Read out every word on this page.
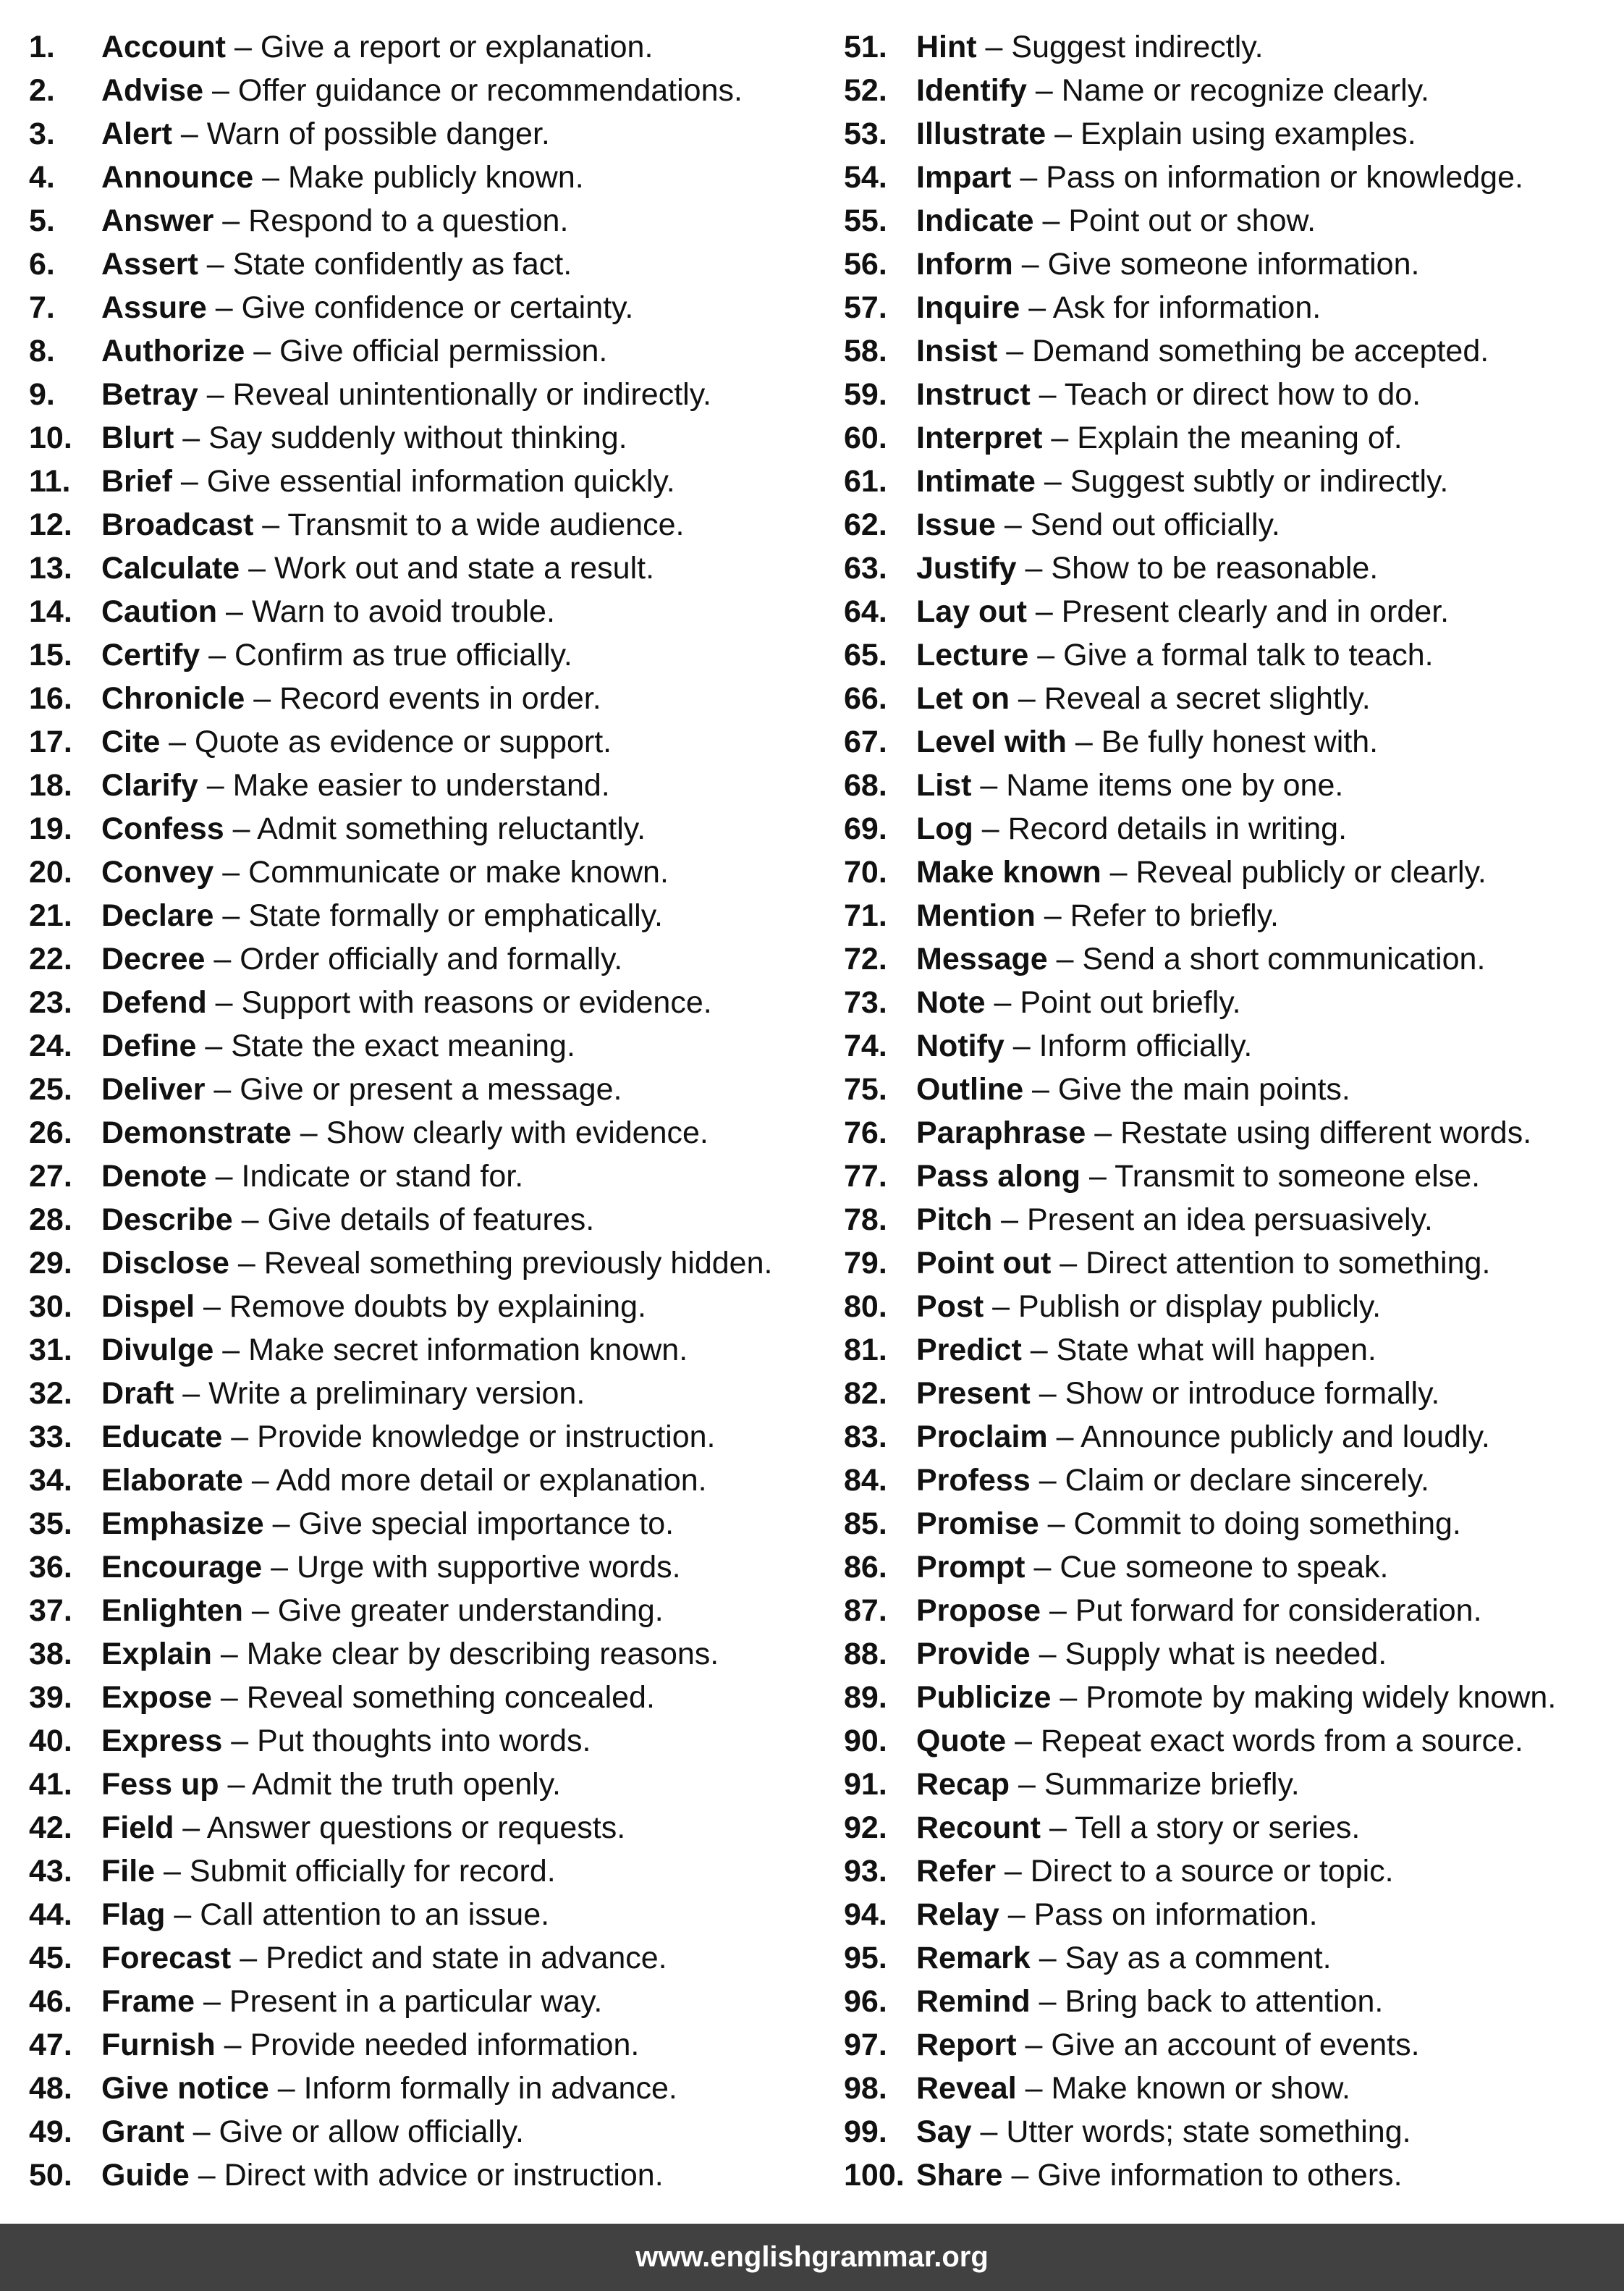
1. Account – Give a report or explanation.
2. Advise – Offer guidance or recommendations.
3. Alert – Warn of possible danger.
4. Announce – Make publicly known.
5. Answer – Respond to a question.
6. Assert – State confidently as fact.
7. Assure – Give confidence or certainty.
8. Authorize – Give official permission.
9. Betray – Reveal unintentionally or indirectly.
10. Blurt – Say suddenly without thinking.
11. Brief – Give essential information quickly.
12. Broadcast – Transmit to a wide audience.
13. Calculate – Work out and state a result.
14. Caution – Warn to avoid trouble.
15. Certify – Confirm as true officially.
16. Chronicle – Record events in order.
17. Cite – Quote as evidence or support.
18. Clarify – Make easier to understand.
19. Confess – Admit something reluctantly.
20. Convey – Communicate or make known.
21. Declare – State formally or emphatically.
22. Decree – Order officially and formally.
23. Defend – Support with reasons or evidence.
24. Define – State the exact meaning.
25. Deliver – Give or present a message.
26. Demonstrate – Show clearly with evidence.
27. Denote – Indicate or stand for.
28. Describe – Give details of features.
29. Disclose – Reveal something previously hidden.
30. Dispel – Remove doubts by explaining.
31. Divulge – Make secret information known.
32. Draft – Write a preliminary version.
33. Educate – Provide knowledge or instruction.
34. Elaborate – Add more detail or explanation.
35. Emphasize – Give special importance to.
36. Encourage – Urge with supportive words.
37. Enlighten – Give greater understanding.
38. Explain – Make clear by describing reasons.
39. Expose – Reveal something concealed.
40. Express – Put thoughts into words.
41. Fess up – Admit the truth openly.
42. Field – Answer questions or requests.
43. File – Submit officially for record.
44. Flag – Call attention to an issue.
45. Forecast – Predict and state in advance.
46. Frame – Present in a particular way.
47. Furnish – Provide needed information.
48. Give notice – Inform formally in advance.
49. Grant – Give or allow officially.
50. Guide – Direct with advice or instruction.
51. Hint – Suggest indirectly.
52. Identify – Name or recognize clearly.
53. Illustrate – Explain using examples.
54. Impart – Pass on information or knowledge.
55. Indicate – Point out or show.
56. Inform – Give someone information.
57. Inquire – Ask for information.
58. Insist – Demand something be accepted.
59. Instruct – Teach or direct how to do.
60. Interpret – Explain the meaning of.
61. Intimate – Suggest subtly or indirectly.
62. Issue – Send out officially.
63. Justify – Show to be reasonable.
64. Lay out – Present clearly and in order.
65. Lecture – Give a formal talk to teach.
66. Let on – Reveal a secret slightly.
67. Level with – Be fully honest with.
68. List – Name items one by one.
69. Log – Record details in writing.
70. Make known – Reveal publicly or clearly.
71. Mention – Refer to briefly.
72. Message – Send a short communication.
73. Note – Point out briefly.
74. Notify – Inform officially.
75. Outline – Give the main points.
76. Paraphrase – Restate using different words.
77. Pass along – Transmit to someone else.
78. Pitch – Present an idea persuasively.
79. Point out – Direct attention to something.
80. Post – Publish or display publicly.
81. Predict – State what will happen.
82. Present – Show or introduce formally.
83. Proclaim – Announce publicly and loudly.
84. Profess – Claim or declare sincerely.
85. Promise – Commit to doing something.
86. Prompt – Cue someone to speak.
87. Propose – Put forward for consideration.
88. Provide – Supply what is needed.
89. Publicize – Promote by making widely known.
90. Quote – Repeat exact words from a source.
91. Recap – Summarize briefly.
92. Recount – Tell a story or series.
93. Refer – Direct to a source or topic.
94. Relay – Pass on information.
95. Remark – Say as a comment.
96. Remind – Bring back to attention.
97. Report – Give an account of events.
98. Reveal – Make known or show.
99. Say – Utter words; state something.
100. Share – Give information to others.
www.englishgrammar.org
